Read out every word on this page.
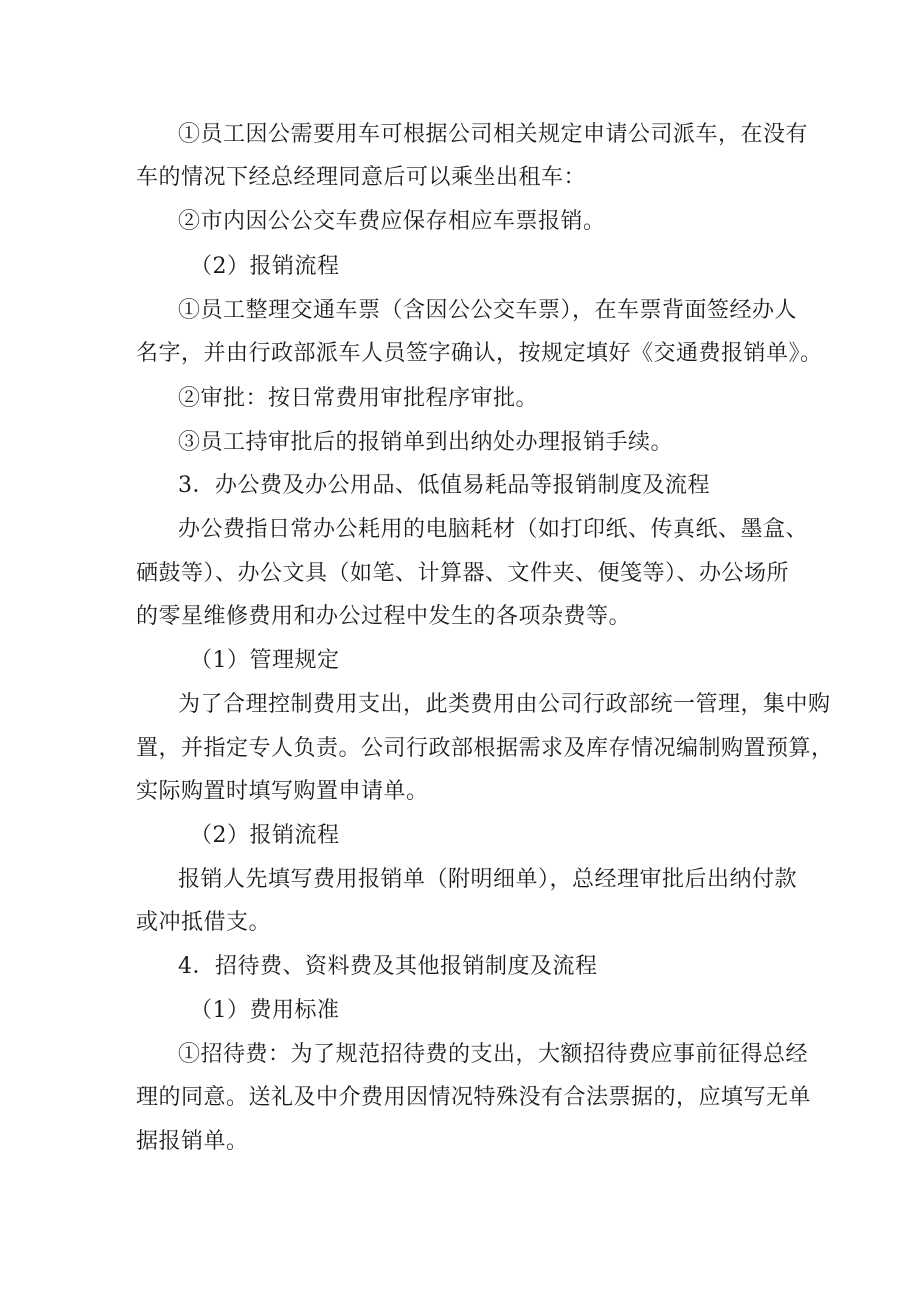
①员工因公需要用车可根据公司相关规定申请公司派车，在没有
车的情况下经总经理同意后可以乘坐出租车：
②市内因公公交车费应保存相应车票报销。
（2）报销流程
①员工整理交通车票（含因公公交车票），在车票背面签经办人
名字，并由行政部派车人员签字确认，按规定填好《交通费报销单》。
②审批：按日常费用审批程序审批。
③员工持审批后的报销单到出纳处办理报销手续。
3．办公费及办公用品、低值易耗品等报销制度及流程
办公费指日常办公耗用的电脑耗材（如打印纸、传真纸、墨盒、
硒鼓等）、办公文具（如笔、计算器、文件夹、便笺等）、办公场所
的零星维修费用和办公过程中发生的各项杂费等。
（1）管理规定
为了合理控制费用支出，此类费用由公司行政部统一管理，集中购
置，并指定专人负责。公司行政部根据需求及库存情况编制购置预算，
实际购置时填写购置申请单。
（2）报销流程
报销人先填写费用报销单（附明细单），总经理审批后出纳付款
或冲抵借支。
4．招待费、资料费及其他报销制度及流程
（1）费用标准
①招待费：为了规范招待费的支出，大额招待费应事前征得总经
理的同意。送礼及中介费用因情况特殊没有合法票据的，应填写无单
据报销单。
